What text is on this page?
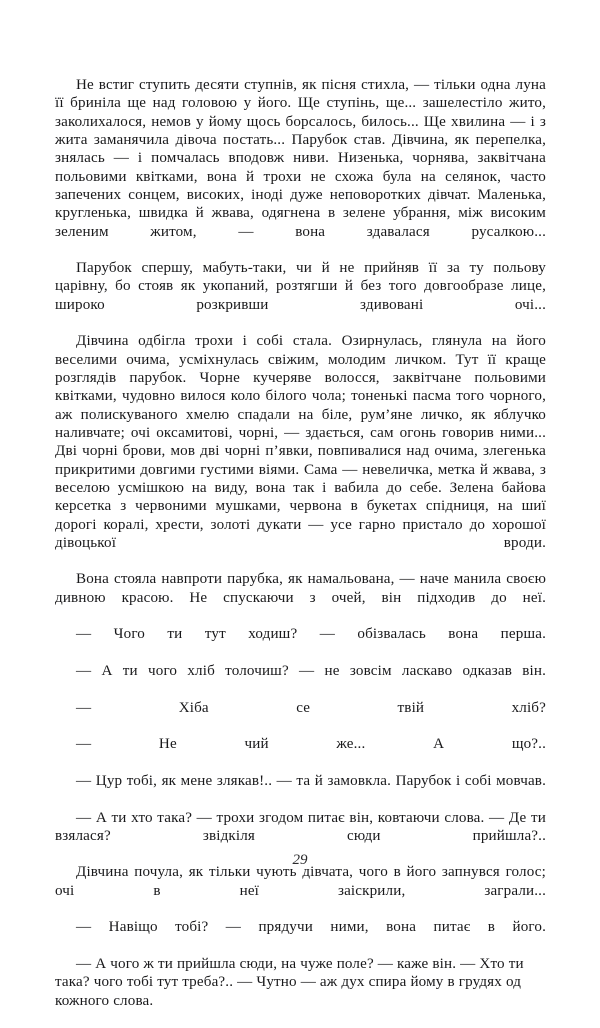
Не встиг ступить десяти ступнів, як пісня стихла, — тільки одна луна її бриніла ще над головою у його. Ще ступінь, ще... зашелестіло жито, заколихалося, немов у йому щось борсалось, билось... Ще хвилина — і з жита заманячила дівоча постать... Парубок став. Дівчина, як перепелка, знялась — і помчалась вподовж ниви. Низенька, чорнява, заквітчана польовими квітками, вона й трохи не схожа була на селянок, часто запечених сонцем, високих, іноді дуже неповоротких дівчат. Маленька, кругленька, швидка й жвава, одягнена в зелене убрання, між високим зеленим житом, — вона здавалася русалкою...

Парубок спершу, мабуть-таки, чи й не прийняв її за ту польову царівну, бо стояв як укопаний, розтягши й без того довгообразе лице, широко розкривши здивовані очі...

Дівчина одбігла трохи і собі стала. Озирнулась, глянула на його веселими очима, усміхнулась свіжим, молодим личком. Тут її краще розглядів парубок. Чорне кучеряве волосся, заквітчане польовими квітками, чудовно вилося коло білого чола; тоненькі пасма того чорного, аж полискуваного хмелю спадали на біле, рум’яне личко, як яблучко наливчате; очі оксамитові, чорні, — здається, сам огонь говорив ними... Дві чорні брови, мов дві чорні п’явки, повпивалися над очима, злегенька прикритими довгими густими віями. Сама — невеличка, метка й жвава, з веселою усмішкою на виду, вона так і вабила до себе. Зелена байова керсетка з червоними мушками, червона в букетах спідниця, на шиї дорогі коралі, хрести, золоті дукати — усе гарно пристало до хорошої дівоцької вроди.

Вона стояла навпроти парубка, як намальована, — наче манила своєю дивною красою. Не спускаючи з очей, він підходив до неї.

— Чого ти тут ходиш? — обізвалась вона перша.

— А ти чого хліб толочиш? — не зовсім ласкаво одказав він.

— Хіба се твій хліб?

— Не чий же... А що?..

— Цур тобі, як мене злякав!.. — та й замовкла. Парубок і собі мовчав.

— А ти хто така? — трохи згодом питає він, ковтаючи слова. — Де ти взялася? звідкіля сюди прийшла?..

Дівчина почула, як тільки чують дівчата, чого в його запнувся голос; очі в неї заіскрили, заграли...

— Навіщо тобі? — прядучи ними, вона питає в його.

— А чого ж ти прийшла сюди, на чуже поле? — каже він. — Хто ти така? чого тобі тут треба?.. — Чутно — аж дух спира йому в грудях од кожного слова.

29
